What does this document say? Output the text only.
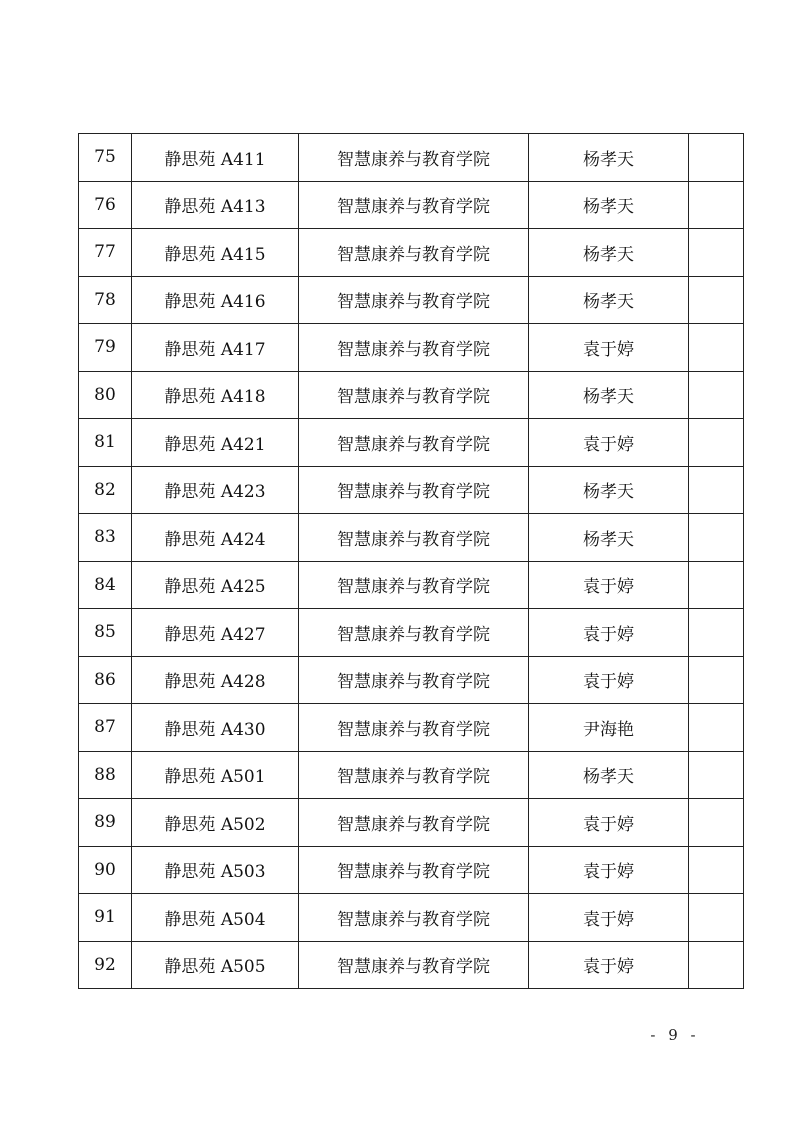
75	静思苑 A411	智慧康养与教育学院	杨孝天	
76	静思苑 A413	智慧康养与教育学院	杨孝天	
77	静思苑 A415	智慧康养与教育学院	杨孝天	
78	静思苑 A416	智慧康养与教育学院	杨孝天	
79	静思苑 A417	智慧康养与教育学院	袁于婷	
80	静思苑 A418	智慧康养与教育学院	杨孝天	
81	静思苑 A421	智慧康养与教育学院	袁于婷	
82	静思苑 A423	智慧康养与教育学院	杨孝天	
83	静思苑 A424	智慧康养与教育学院	杨孝天	
84	静思苑 A425	智慧康养与教育学院	袁于婷	
85	静思苑 A427	智慧康养与教育学院	袁于婷	
86	静思苑 A428	智慧康养与教育学院	袁于婷	
87	静思苑 A430	智慧康养与教育学院	尹海艳	
88	静思苑 A501	智慧康养与教育学院	杨孝天	
89	静思苑 A502	智慧康养与教育学院	袁于婷	
90	静思苑 A503	智慧康养与教育学院	袁于婷	
91	静思苑 A504	智慧康养与教育学院	袁于婷	
92	静思苑 A505	智慧康养与教育学院	袁于婷	
- 9 -
